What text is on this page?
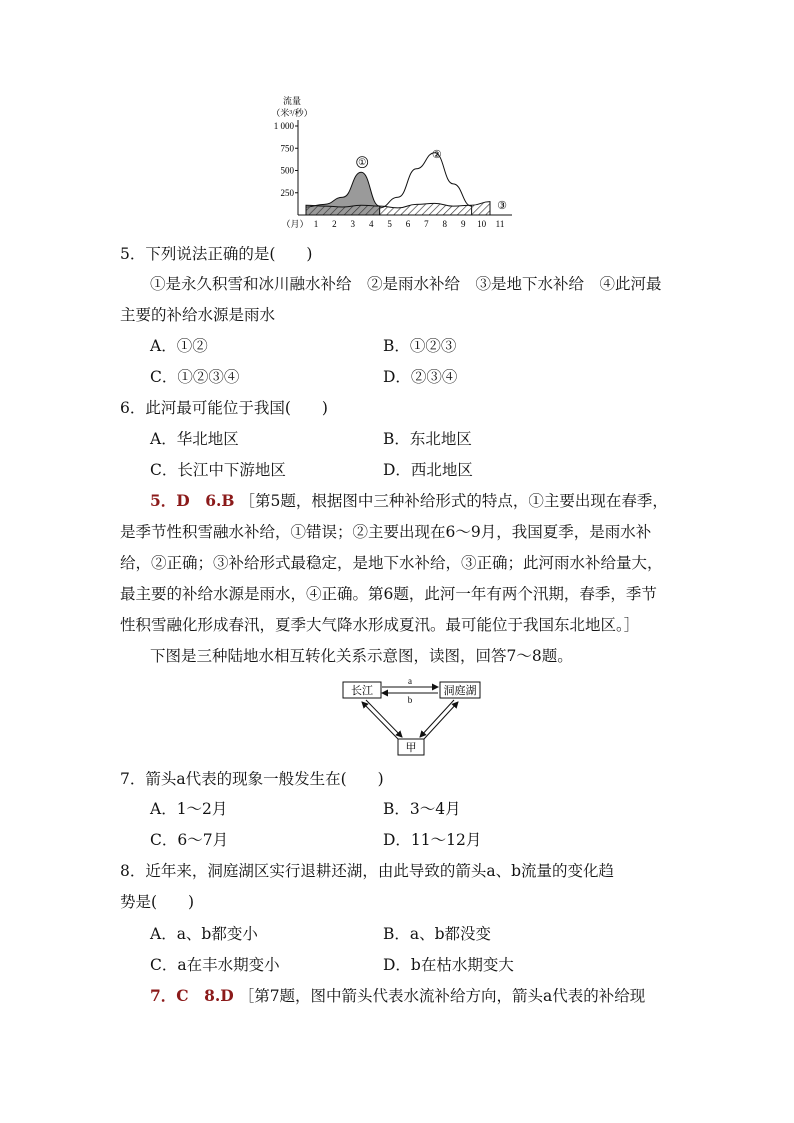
流量
（米³/秒）
1 000
750
500
250
（月） 1 2 3 4 5 6 7 8 9 10 11
①
②
③
5．下列说法正确的是(　　)
①是永久积雪和冰川融水补给　②是雨水补给　③是地下水补给　④此河最
主要的补给水源是雨水
A．①②	B．①②③
C．①②③④	D．②③④
6．此河最可能位于我国(　　)
A．华北地区	B．东北地区
C．长江中下游地区	D．西北地区
5．D　6.B ［第5题，根据图中三种补给形式的特点，①主要出现在春季，
是季节性积雪融水补给，①错误；②主要出现在6～9月，我国夏季，是雨水补
给，②正确；③补给形式最稳定，是地下水补给，③正确；此河雨水补给量大，
最主要的补给水源是雨水，④正确。第6题，此河一年有两个汛期，春季，季节
性积雪融化形成春汛，夏季大气降水形成夏汛。最可能位于我国东北地区。］
下图是三种陆地水相互转化关系示意图，读图，回答7～8题。
长江	洞庭湖
甲
a
b
7．箭头a代表的现象一般发生在(　　)
A．1～2月	B．3～4月
C．6～7月	D．11～12月
8．近年来，洞庭湖区实行退耕还湖，由此导致的箭头a、b流量的变化趋
势是(　　)
A．a、b都变小	B．a、b都没变
C．a在丰水期变小	D．b在枯水期变大
7．C　8.D ［第7题，图中箭头代表水流补给方向，箭头a代表的补给现
